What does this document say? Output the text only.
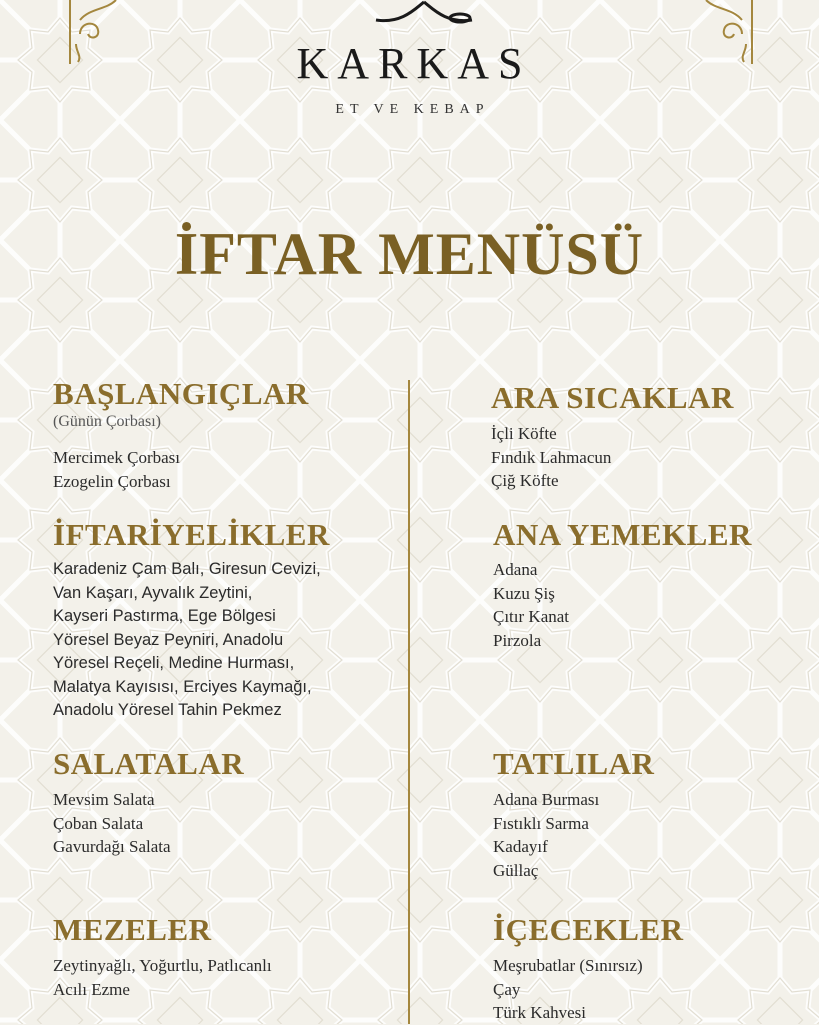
KARKAS
ET VE KEBAP
İFTAR MENÜSÜ
BAŞLANGIÇLAR
(Günün Çorbası)
Mercimek Çorbası
Ezogelin Çorbası
İFTARİYELİKLER
Karadeniz Çam Balı, Giresun Cevizi,
Van Kaşarı, Ayvalık Zeytini,
Kayseri Pastırma, Ege Bölgesi
Yöresel Beyaz Peyniri, Anadolu
Yöresel Reçeli, Medine Hurması,
Malatya Kayısısı, Erciyes Kaymağı,
Anadolu Yöresel Tahin Pekmez
SALATALAR
Mevsim Salata
Çoban Salata
Gavurdağı Salata
MEZELER
Zeytinyağlı, Yoğurtlu, Patlıcanlı
Acılı Ezme
ARA SICAKLAR
İçli Köfte
Fındık Lahmacun
Çiğ Köfte
ANA YEMEKLER
Adana
Kuzu Şiş
Çıtır Kanat
Pirzola
TATLILAR
Adana Burması
Fıstıklı Sarma
Kadayıf
Güllaç
İÇECEKLER
Meşrubatlar (Sınırsız)
Çay
Türk Kahvesi
